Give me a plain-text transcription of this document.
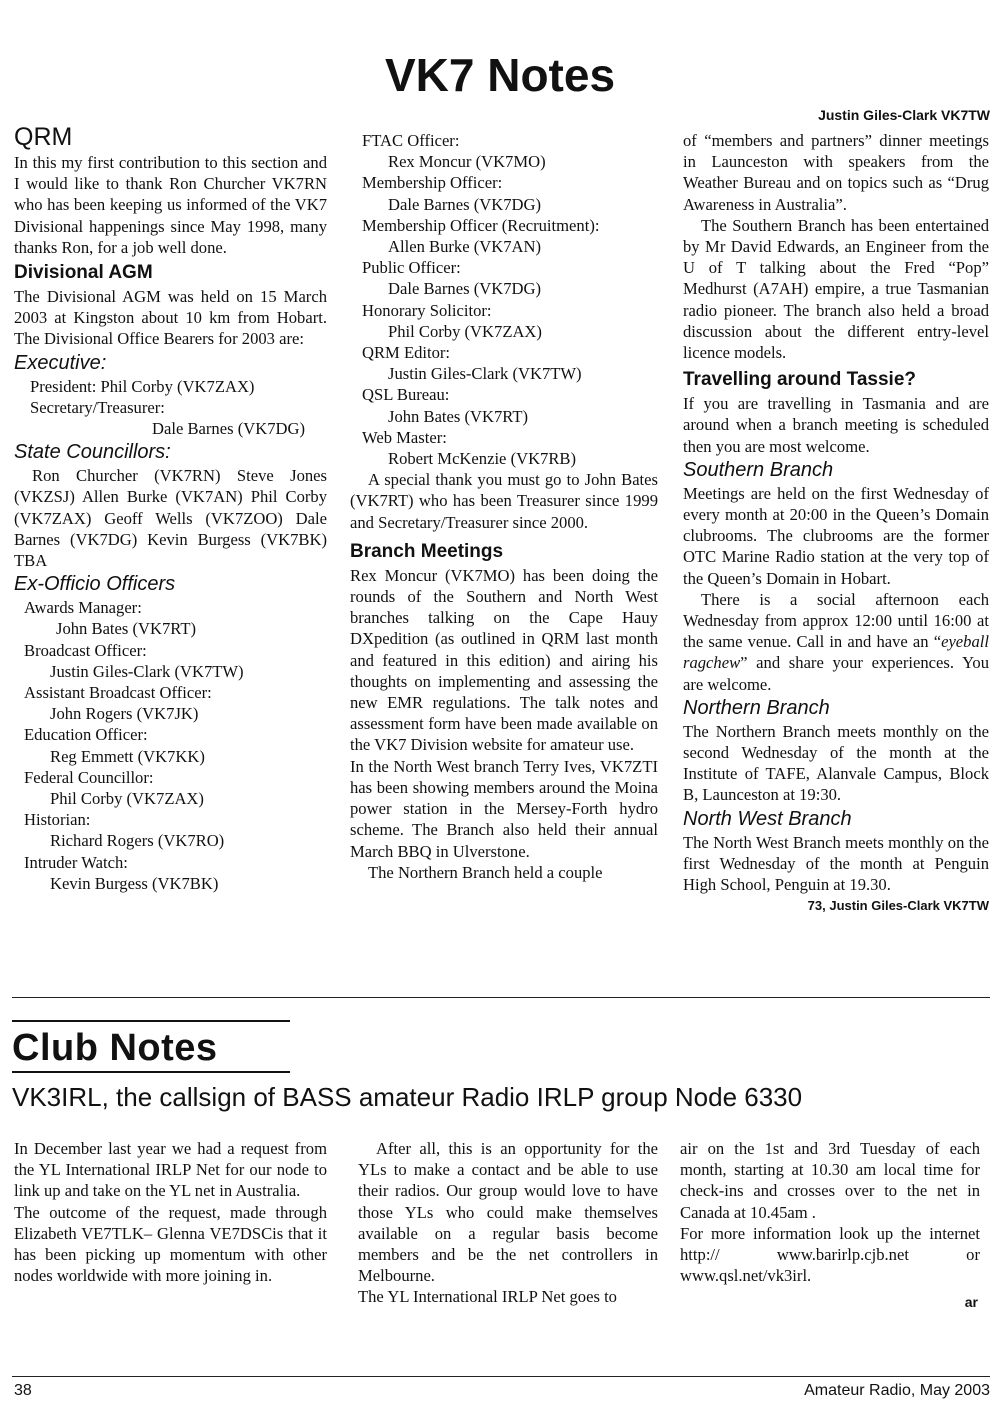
VK7 Notes
Justin Giles-Clark VK7TW
QRM

In this my first contribution to this section and I would like to thank Ron Churcher VK7RN who has been keeping us informed of the VK7 Divisional happenings since May 1998, many thanks Ron, for a job well done.

Divisional AGM

The Divisional AGM was held on 15 March 2003 at Kingston about 10 km from Hobart. The Divisional Office Bearers for 2003 are:

Executive:
President: Phil Corby (VK7ZAX)
Secretary/Treasurer:
Dale Barnes (VK7DG)
State Councillors:

Ron Churcher (VK7RN) Steve Jones (VKZSJ) Allen Burke (VK7AN) Phil Corby (VK7ZAX) Geoff Wells (VK7ZOO) Dale Barnes (VK7DG) Kevin Burgess (VK7BK) TBA

Ex-Officio Officers
Awards Manager:
John Bates (VK7RT)
Broadcast Officer:
Justin Giles-Clark (VK7TW)
Assistant Broadcast Officer:
John Rogers (VK7JK)
Education Officer:
Reg Emmett (VK7KK)
Federal Councillor:
Phil Corby (VK7ZAX)
Historian:
Richard Rogers (VK7RO)
Intruder Watch:
Kevin Burgess (VK7BK)
FTAC Officer:
Rex Moncur (VK7MO)
Membership Officer:
Dale Barnes (VK7DG)
Membership Officer (Recruitment):
Allen Burke (VK7AN)
Public Officer:
Dale Barnes (VK7DG)
Honorary Solicitor:
Phil Corby (VK7ZAX)
QRM Editor:
Justin Giles-Clark (VK7TW)
QSL Bureau:
John Bates (VK7RT)
Web Master:
Robert McKenzie (VK7RB)

A special thank you must go to John Bates (VK7RT) who has been Treasurer since 1999 and Secretary/Treasurer since 2000.

Branch Meetings

Rex Moncur (VK7MO) has been doing the rounds of the Southern and North West branches talking on the Cape Hauy DXpedition (as outlined in QRM last month and featured in this edition) and airing his thoughts on implementing and assessing the new EMR regulations. The talk notes and assessment form have been made available on the VK7 Division website for amateur use.

In the North West branch Terry Ives, VK7ZTI has been showing members around the Moina power station in the Mersey-Forth hydro scheme. The Branch also held their annual March BBQ in Ulverstone.

The Northern Branch held a couple

of “members and partners” dinner meetings in Launceston with speakers from the Weather Bureau and on topics such as “Drug Awareness in Australia”.

The Southern Branch has been entertained by Mr David Edwards, an Engineer from the U of T talking about the Fred “Pop” Medhurst (A7AH) empire, a true Tasmanian radio pioneer. The branch also held a broad discussion about the different entry-level licence models.

Travelling around Tassie?

If you are travelling in Tasmania and are around when a branch meeting is scheduled then you are most welcome.

Southern Branch

Meetings are held on the first Wednesday of every month at 20:00 in the Queen’s Domain clubrooms. The clubrooms are the former OTC Marine Radio station at the very top of the Queen’s Domain in Hobart.

There is a social afternoon each Wednesday from approx 12:00 until 16:00 at the same venue. Call in and have an “eyeball ragchew” and share your experiences. You are welcome.

Northern Branch

The Northern Branch meets monthly on the second Wednesday of the month at the Institute of TAFE, Alanvale Campus, Block B, Launceston at 19:30.

North West Branch

The North West Branch meets monthly on the first Wednesday of the month at Penguin High School, Penguin at 19.30.

73, Justin Giles-Clark VK7TW
Club Notes
VK3IRL, the callsign of BASS amateur Radio IRLP group Node 6330

In December last year we had a request from the YL International IRLP Net for our node to link up and take on the YL net in Australia.

The outcome of the request, made through Elizabeth VE7TLK– Glenna VE7DSCis that it has been picking up momentum with other nodes worldwide with more joining in.

After all, this is an opportunity for the YLs to make a contact and be able to use their radios. Our group would love to have those YLs who could make themselves available on a regular basis become members and be the net controllers in Melbourne.

The YL International IRLP Net goes to

air on the 1st and 3rd Tuesday of each month, starting at 10.30 am local time for check-ins and crosses over to the net in Canada at 10.45am .

For more information look up the internet http:// www.barirlp.cjb.net or www.qsl.net/vk3irl.

ar
38	Amateur Radio, May 2003
